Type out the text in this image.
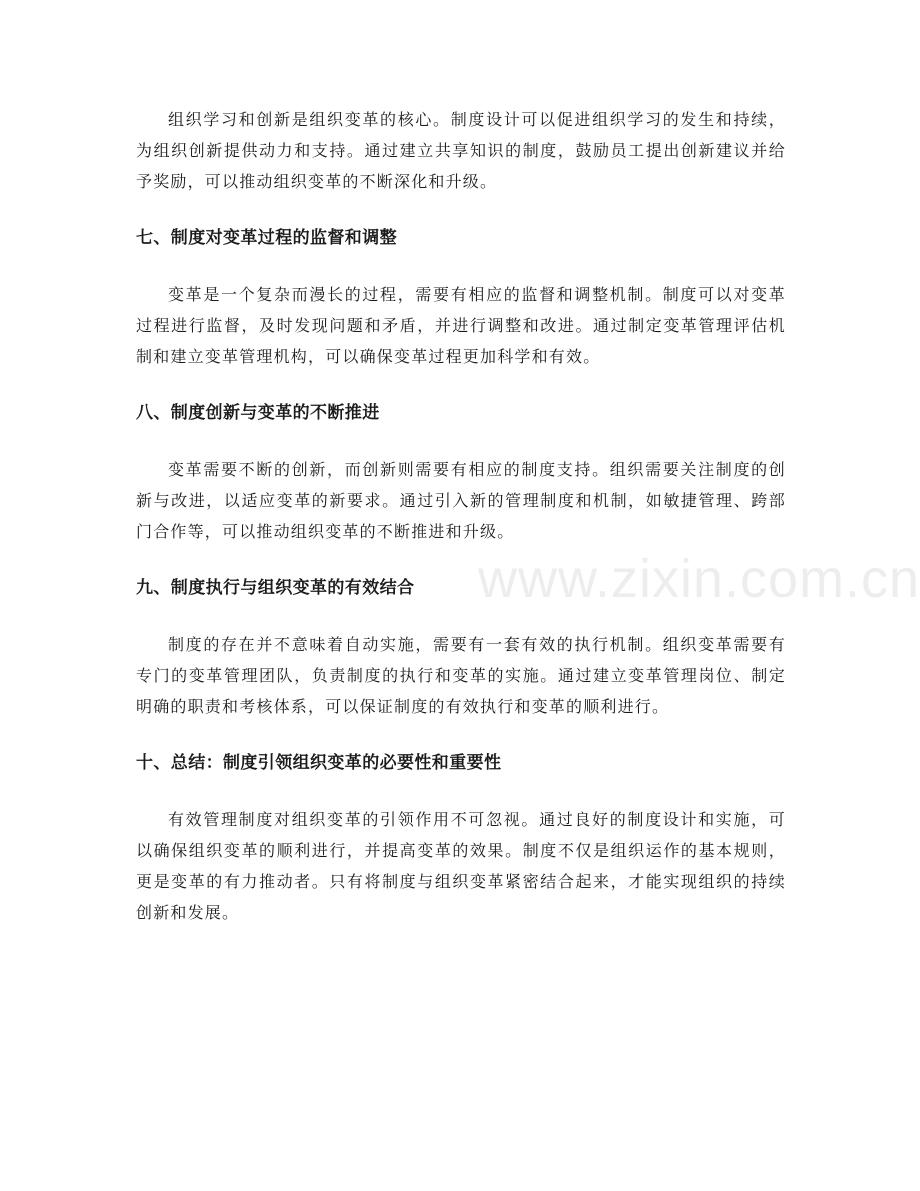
组织学习和创新是组织变革的核心。制度设计可以促进组织学习的发生和持续，为组织创新提供动力和支持。通过建立共享知识的制度，鼓励员工提出创新建议并给予奖励，可以推动组织变革的不断深化和升级。

七、制度对变革过程的监督和调整

变革是一个复杂而漫长的过程，需要有相应的监督和调整机制。制度可以对变革过程进行监督，及时发现问题和矛盾，并进行调整和改进。通过制定变革管理评估机制和建立变革管理机构，可以确保变革过程更加科学和有效。

八、制度创新与变革的不断推进

变革需要不断的创新，而创新则需要有相应的制度支持。组织需要关注制度的创新与改进，以适应变革的新要求。通过引入新的管理制度和机制，如敏捷管理、跨部门合作等，可以推动组织变革的不断推进和升级。

九、制度执行与组织变革的有效结合

制度的存在并不意味着自动实施，需要有一套有效的执行机制。组织变革需要有专门的变革管理团队，负责制度的执行和变革的实施。通过建立变革管理岗位、制定明确的职责和考核体系，可以保证制度的有效执行和变革的顺利进行。

十、总结：制度引领组织变革的必要性和重要性

有效管理制度对组织变革的引领作用不可忽视。通过良好的制度设计和实施，可以确保组织变革的顺利进行，并提高变革的效果。制度不仅是组织运作的基本规则，更是变革的有力推动者。只有将制度与组织变革紧密结合起来，才能实现组织的持续创新和发展。

www.zixin.com.cn
